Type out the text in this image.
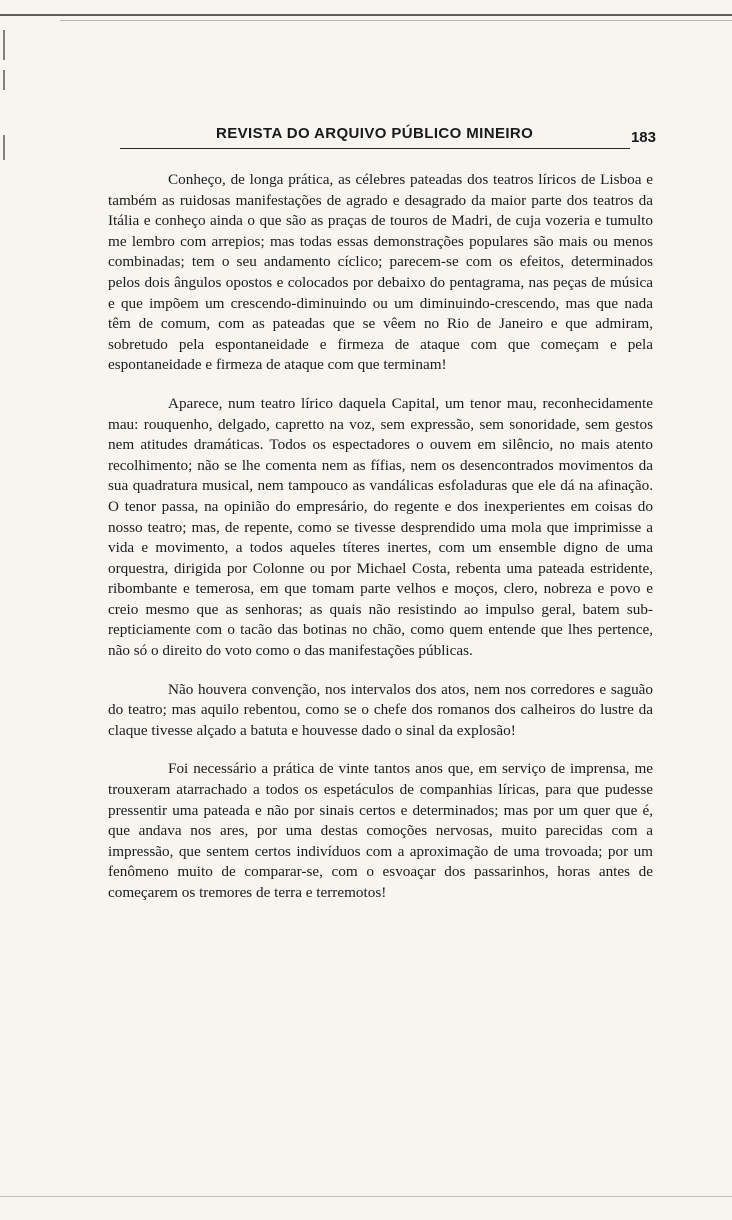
REVISTA DO ARQUIVO PÚBLICO MINEIRO	183

Conheço, de longa prática, as célebres pateadas dos teatros líricos de Lisboa e também as ruidosas manifestações de agrado e desagrado da maior parte dos teatros da Itália e conheço ainda o que são as praças de touros de Madri, de cuja vozeria e tumulto me lembro com arrepios; mas todas essas demonstrações populares são mais ou menos combinadas; tem o seu andamento cíclico; parecem-se com os efeitos, determinados pelos dois ângulos opostos e colocados por debaixo do pentagrama, nas peças de música e que impõem um crescendo-diminuindo ou um diminuindo-crescendo, mas que nada têm de comum, com as pateadas que se vêem no Rio de Janeiro e que admiram, sobretudo pela espontaneidade e firmeza de ataque com que começam e pela espontaneidade e firmeza de ataque com que terminam!

Aparece, num teatro lírico daquela Capital, um tenor mau, reconhecidamente mau: rouquenho, delgado, capretto na voz, sem expressão, sem sonoridade, sem gestos nem atitudes dramáticas. Todos os espectadores o ouvem em silêncio, no mais atento recolhimento; não se lhe comenta nem as fífias, nem os desencontrados movimentos da sua quadratura musical, nem tampouco as vandálicas esfoladuras que ele dá na afinação. O tenor passa, na opinião do empresário, do regente e dos inexperientes em coisas do nosso teatro; mas, de repente, como se tivesse desprendido uma mola que imprimisse a vida e movimento, a todos aqueles títeres inertes, com um ensemble digno de uma orquestra, dirigida por Colonne ou por Michael Costa, rebenta uma pateada estridente, ribombante e temerosa, em que tomam parte velhos e moços, clero, nobreza e povo e creio mesmo que as senhoras; as quais não resistindo ao impulso geral, batem sub-repticiamente com o tacão das botinas no chão, como quem entende que lhes pertence, não só o direito do voto como o das manifestações públicas.

Não houvera convenção, nos intervalos dos atos, nem nos corredores e saguão do teatro; mas aquilo rebentou, como se o chefe dos romanos dos calheiros do lustre da claque tivesse alçado a batuta e houvesse dado o sinal da explosão!

Foi necessário a prática de vinte tantos anos que, em serviço de imprensa, me trouxeram atarrachado a todos os espetáculos de companhias líricas, para que pudesse pressentir uma pateada e não por sinais certos e determinados; mas por um quer que é, que andava nos ares, por uma destas comoções nervosas, muito parecidas com a impressão, que sentem certos indivíduos com a aproximação de uma trovoada; por um fenômeno muito de comparar-se, com o esvoaçar dos passarinhos, horas antes de começarem os tremores de terra e terremotos!
